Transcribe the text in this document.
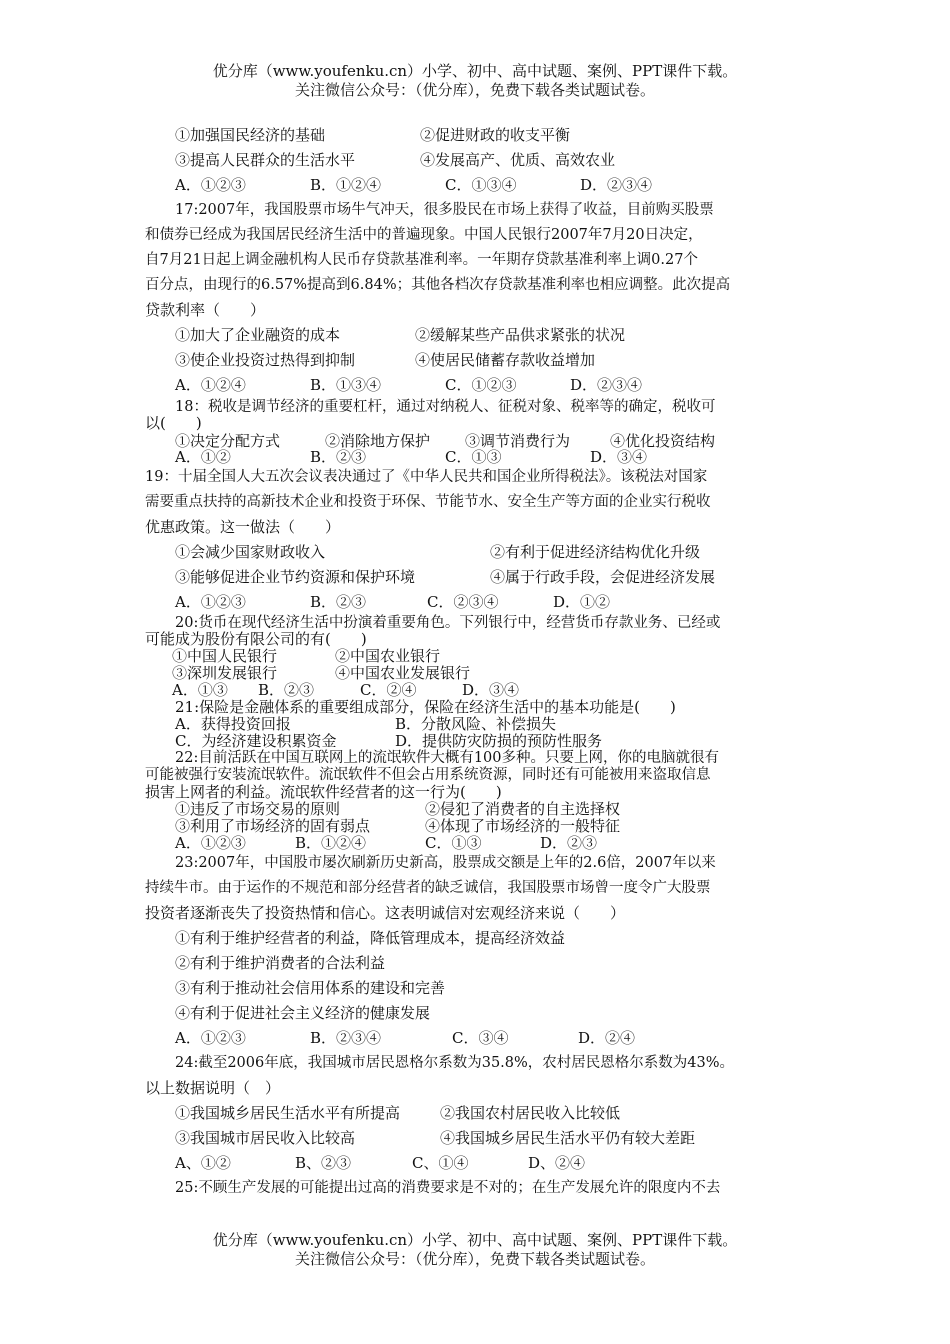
优分库（www.youfenku.cn）小学、初中、高中试题、案例、PPT课件下载。
关注微信公众号：（优分库），免费下载各类试题试卷。
①加强国民经济的基础	②促进财政的收支平衡
③提高人民群众的生活水平	④发展高产、优质、高效农业
A．①②③	B．①②④	C．①③④	D．②③④
17:2007年，我国股票市场牛气冲天，很多股民在市场上获得了收益，目前购买股票
和债券已经成为我国居民经济生活中的普遍现象。中国人民银行2007年7月20日决定，
自7月21日起上调金融机构人民币存贷款基准利率。一年期存贷款基准利率上调0.27个
百分点，由现行的6.57%提高到6.84%；其他各档次存贷款基准利率也相应调整。此次提高
贷款利率（　　）
①加大了企业融资的成本	②缓解某些产品供求紧张的状况
③使企业投资过热得到抑制	④使居民储蓄存款收益增加
A．①②④	B．①③④	C．①②③	D．②③④
18：税收是调节经济的重要杠杆，通过对纳税人、征税对象、税率等的确定，税收可
以(　　)
①决定分配方式	②消除地方保护 ③调节消费行为	④优化投资结构
A．①②	B．②③	C．①③	D．③④
19：十届全国人大五次会议表决通过了《中华人民共和国企业所得税法》。该税法对国家
需要重点扶持的高新技术企业和投资于环保、节能节水、安全生产等方面的企业实行税收
优惠政策。这一做法（　　）
①会减少国家财政收入	②有利于促进经济结构优化升级
③能够促进企业节约资源和保护环境	④属于行政手段，会促进经济发展
A．①②③	B．②③	C．②③④	D．①②
20:货币在现代经济生活中扮演着重要角色。下列银行中，经营货币存款业务、已经或
可能成为股份有限公司的有(　　)
①中国人民银行	②中国农业银行
③深圳发展银行	④中国农业发展银行
A．①③ B．②③	C．②④	D．③④
21:保险是金融体系的重要组成部分，保险在经济生活中的基本功能是(　　)
A．获得投资回报	B．分散风险、补偿损失
C．为经济建设积累资金	D．提供防灾防损的预防性服务
22:目前活跃在中国互联网上的流氓软件大概有100多种。只要上网，你的电脑就很有
可能被强行安装流氓软件。流氓软件不但会占用系统资源，同时还有可能被用来盗取信息
损害上网者的利益。流氓软件经营者的这一行为(　　)
①违反了市场交易的原则	②侵犯了消费者的自主选择权
③利用了市场经济的固有弱点	④体现了市场经济的一般特征
A．①②③	B．①②④	C．①③	D．②③
23:2007年，中国股市屡次刷新历史新高，股票成交额是上年的2.6倍，2007年以来
持续牛市。由于运作的不规范和部分经营者的缺乏诚信，我国股票市场曾一度令广大股票
投资者逐渐丧失了投资热情和信心。这表明诚信对宏观经济来说（　　）
①有利于维护经营者的利益，降低管理成本，提高经济效益
②有利于维护消费者的合法利益
③有利于推动社会信用体系的建设和完善
④有利于促进社会主义经济的健康发展
A．①②③	B．②③④	C．③④	D．②④
24:截至2006年底，我国城市居民恩格尔系数为35.8%，农村居民恩格尔系数为43%。
以上数据说明（　）
①我国城乡居民生活水平有所提高	②我国农村居民收入比较低
③我国城市居民收入比较高	④我国城乡居民生活水平仍有较大差距
A、①②	B、②③	C、①④	D、②④
25:不顾生产发展的可能提出过高的消费要求是不对的；在生产发展允许的限度内不去
优分库（www.youfenku.cn）小学、初中、高中试题、案例、PPT课件下载。
关注微信公众号：（优分库），免费下载各类试题试卷。
